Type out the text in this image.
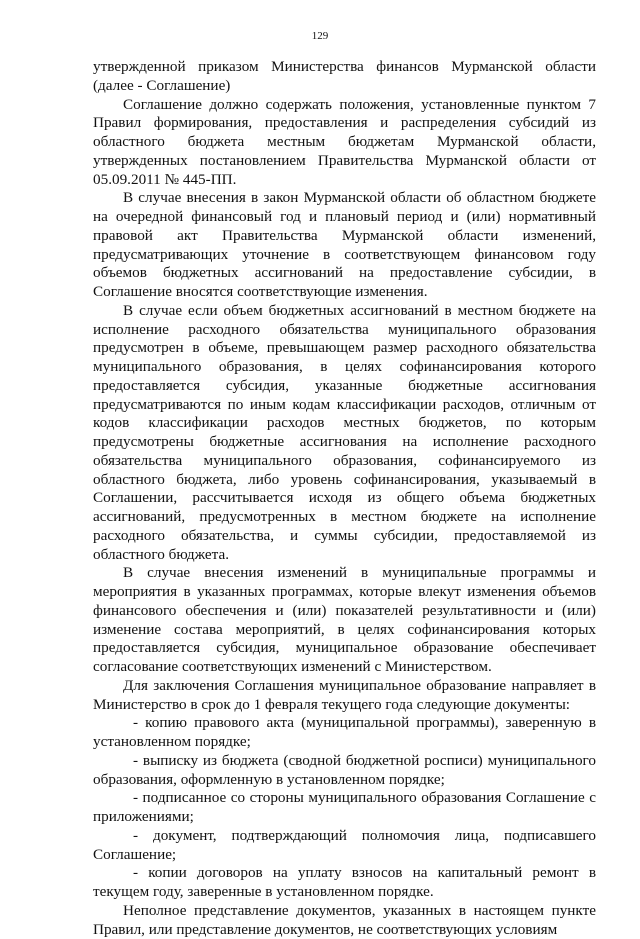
129

утвержденной приказом Министерства финансов Мурманской области (далее - Соглашение)

Соглашение должно содержать положения, установленные пунктом 7 Правил формирования, предоставления и распределения субсидий из областного бюджета местным бюджетам Мурманской области, утвержденных постановлением Правительства Мурманской области от 05.09.2011 № 445-ПП.

В случае внесения в закон Мурманской области об областном бюджете на очередной финансовый год и плановый период и (или) нормативный правовой акт Правительства Мурманской области изменений, предусматривающих уточнение в соответствующем финансовом году объемов бюджетных ассигнований на предоставление субсидии, в Соглашение вносятся соответствующие изменения.

В случае если объем бюджетных ассигнований в местном бюджете на исполнение расходного обязательства муниципального образования предусмотрен в объеме, превышающем размер расходного обязательства муниципального образования, в целях софинансирования которого предоставляется субсидия, указанные бюджетные ассигнования предусматриваются по иным кодам классификации расходов, отличным от кодов классификации расходов местных бюджетов, по которым предусмотрены бюджетные ассигнования на исполнение расходного обязательства муниципального образования, софинансируемого из областного бюджета, либо уровень софинансирования, указываемый в Соглашении, рассчитывается исходя из общего объема бюджетных ассигнований, предусмотренных в местном бюджете на исполнение расходного обязательства, и суммы субсидии, предоставляемой из областного бюджета.

В случае внесения изменений в муниципальные программы и мероприятия в указанных программах, которые влекут изменения объемов финансового обеспечения и (или) показателей результативности и (или) изменение состава мероприятий, в целях софинансирования которых предоставляется субсидия, муниципальное образование обеспечивает согласование соответствующих изменений с Министерством.

Для заключения Соглашения муниципальное образование направляет в Министерство в срок до 1 февраля текущего года следующие документы:

- копию правового акта (муниципальной программы), заверенную в установленном порядке;

- выписку из бюджета (сводной бюджетной росписи) муниципального образования, оформленную в установленном порядке;

- подписанное со стороны муниципального образования Соглашение с приложениями;

- документ, подтверждающий полномочия лица, подписавшего Соглашение;

- копии договоров на уплату взносов на капитальный ремонт в текущем году, заверенные в установленном порядке.

Неполное представление документов, указанных в настоящем пункте Правил, или представление документов, не соответствующих условиям
